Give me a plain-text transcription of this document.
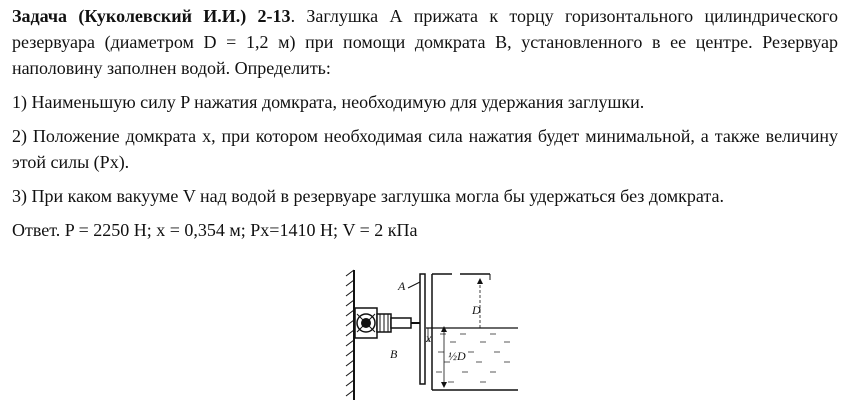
Задача (Куколевский И.И.) 2-13. Заглушка А прижата к торцу горизонтального цилиндрического резервуара (диаметром D = 1,2 м) при помощи домкрата В, установленного в ее центре. Резервуар наполовину заполнен водой. Определить:

1) Наименьшую силу P нажатия домкрата, необходимую для удержания заглушки.

2) Положение домкрата x, при котором необходимая сила нажатия будет минимальной, а также величину этой силы (Px).

3) При каком вакууме V над водой в резервуаре заглушка могла бы удержаться без домкрата.

Ответ. P = 2250 Н; x = 0,354 м; Px=1410 Н; V = 2 кПа

A
B
D
x
½D
